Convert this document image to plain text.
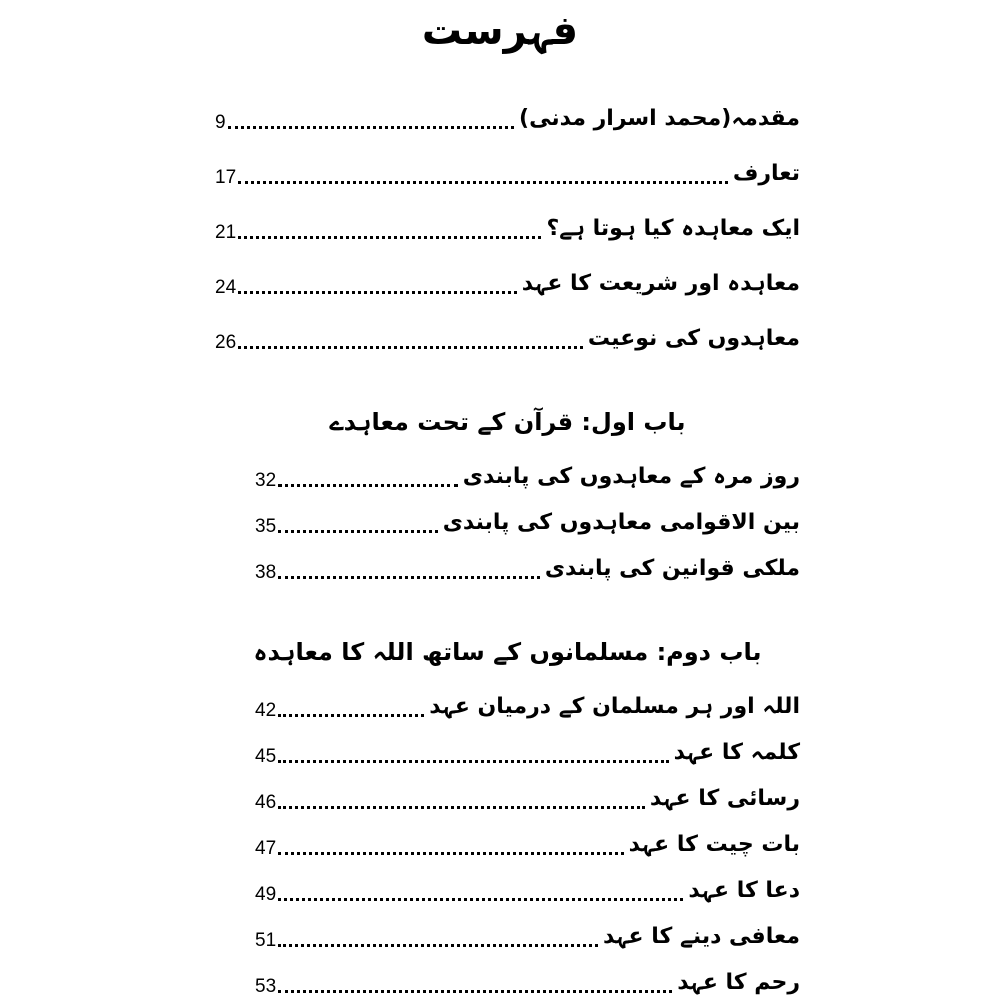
فہرست
مقدمہ(محمد اسرار مدنی)
9
تعارف
17
ایک معاہدہ کیا ہوتا ہے؟
21
معاہدہ اور شریعت کا عہد
24
معاہدوں کی نوعیت
26
باب اول: قرآن کے تحت معاہدے
روز مرہ کے معاہدوں کی پابندی
32
بین الاقوامی معاہدوں کی پابندی
35
ملکی قوانین کی پابندی
38
باب دوم: مسلمانوں کے ساتھ اللہ کا معاہدہ
اللہ اور ہر مسلمان کے درمیان عہد
42
کلمہ کا عہد
45
رسائی کا عہد
46
بات چیت کا عہد
47
دعا کا عہد
49
معافی دینے کا عہد
51
رحم کا عہد
53
